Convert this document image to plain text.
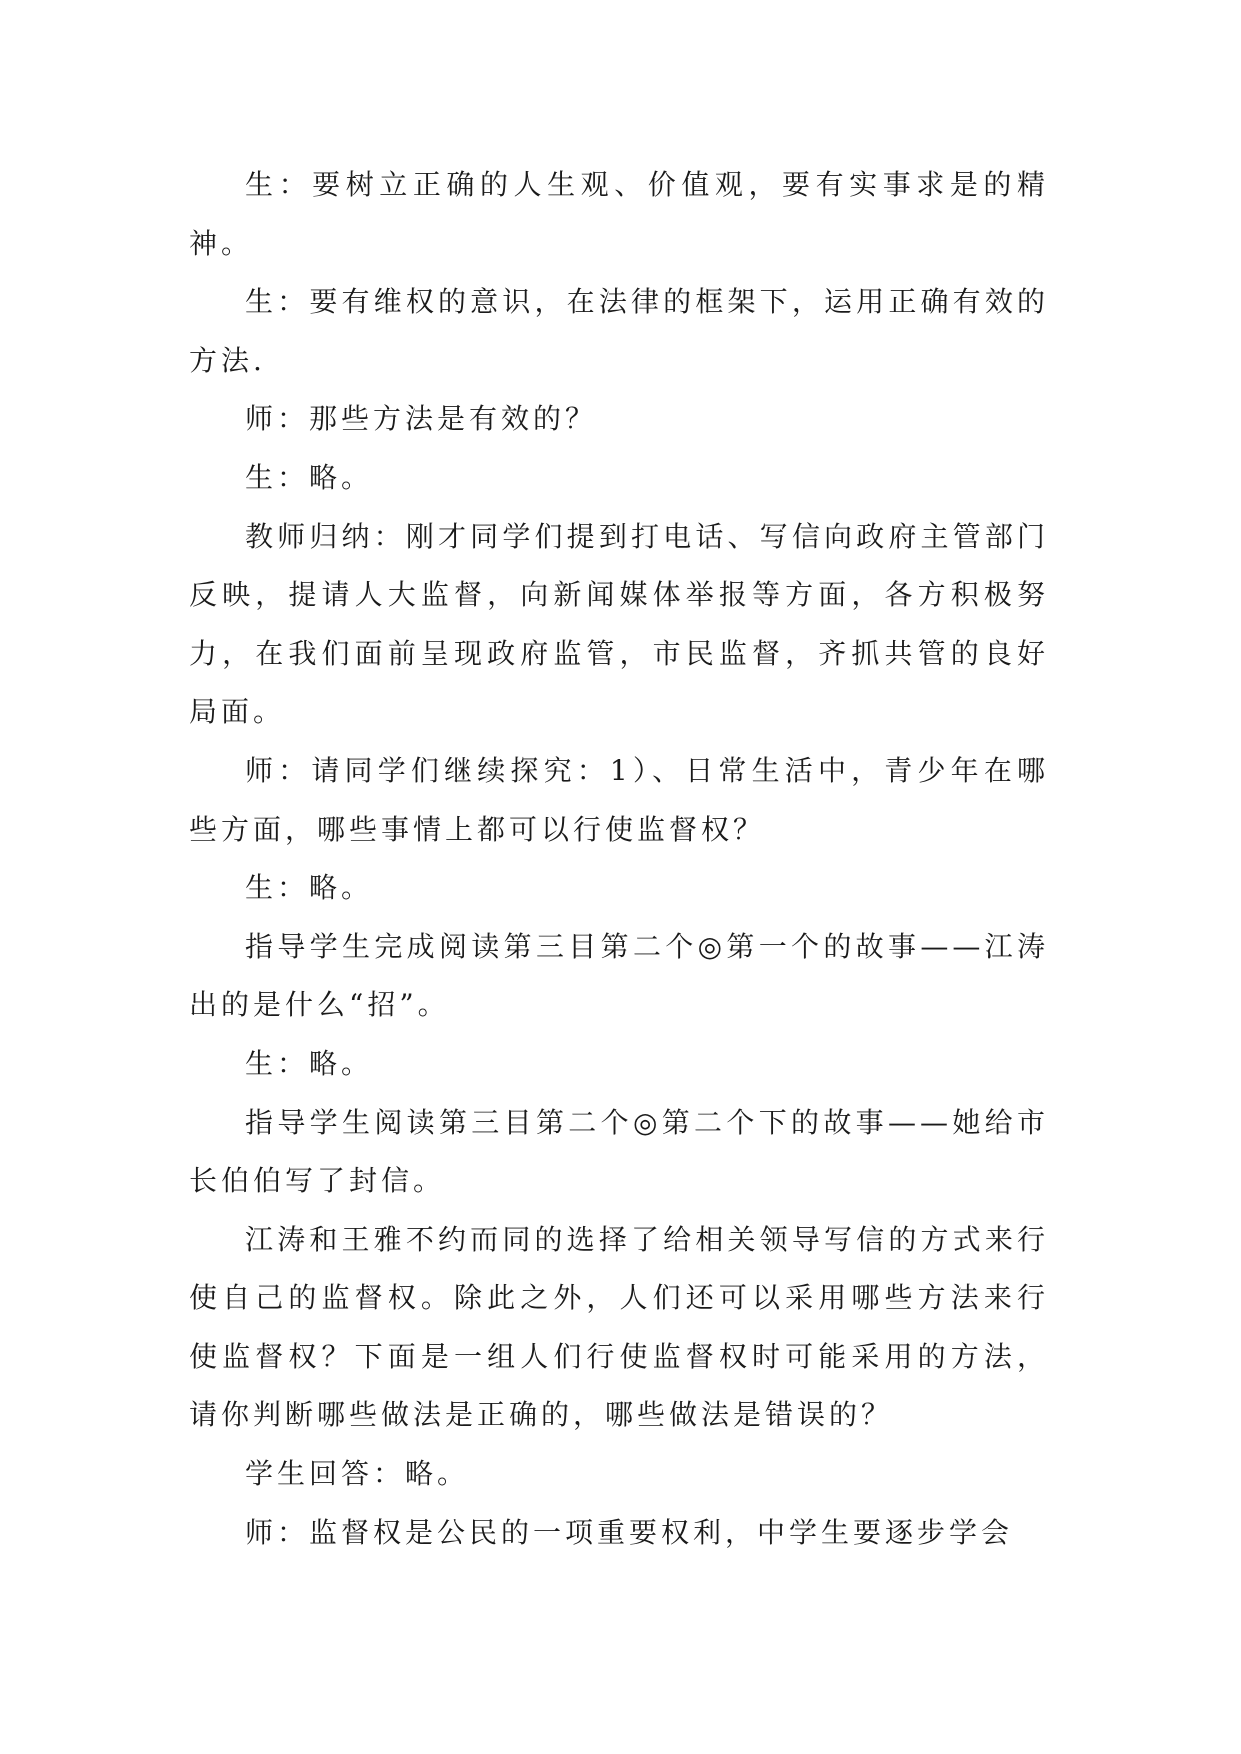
生：要树立正确的人生观、价值观，要有实事求是的精神。

生：要有维权的意识，在法律的框架下，运用正确有效的方法.

师：那些方法是有效的？

生：略。

教师归纳：刚才同学们提到打电话、写信向政府主管部门反映，提请人大监督，向新闻媒体举报等方面，各方积极努力，在我们面前呈现政府监管，市民监督，齐抓共管的良好 局面。

师：请同学们继续探究：1）、日常生活中，青少年在哪些方面，哪些事情上都可以行使监督权？

生：略。

指导学生完成阅读第三目第二个◎第一个的故事——江涛出的是什么“招”。

生：略。

指导学生阅读第三目第二个◎第二个下的故事——她给市长伯伯写了封信。

江涛和王雅不约而同的选择了给相关领导写信的方式来行使自己的监督权。除此之外，人们还可以采用哪些方法来行使监督权？下面是一组人们行使监督权时可能采用的方法，请你判断哪些做法是正确的，哪些做法是错误的？

学生回答：略。

师：监督权是公民的一项重要权利，中学生要逐步学会
